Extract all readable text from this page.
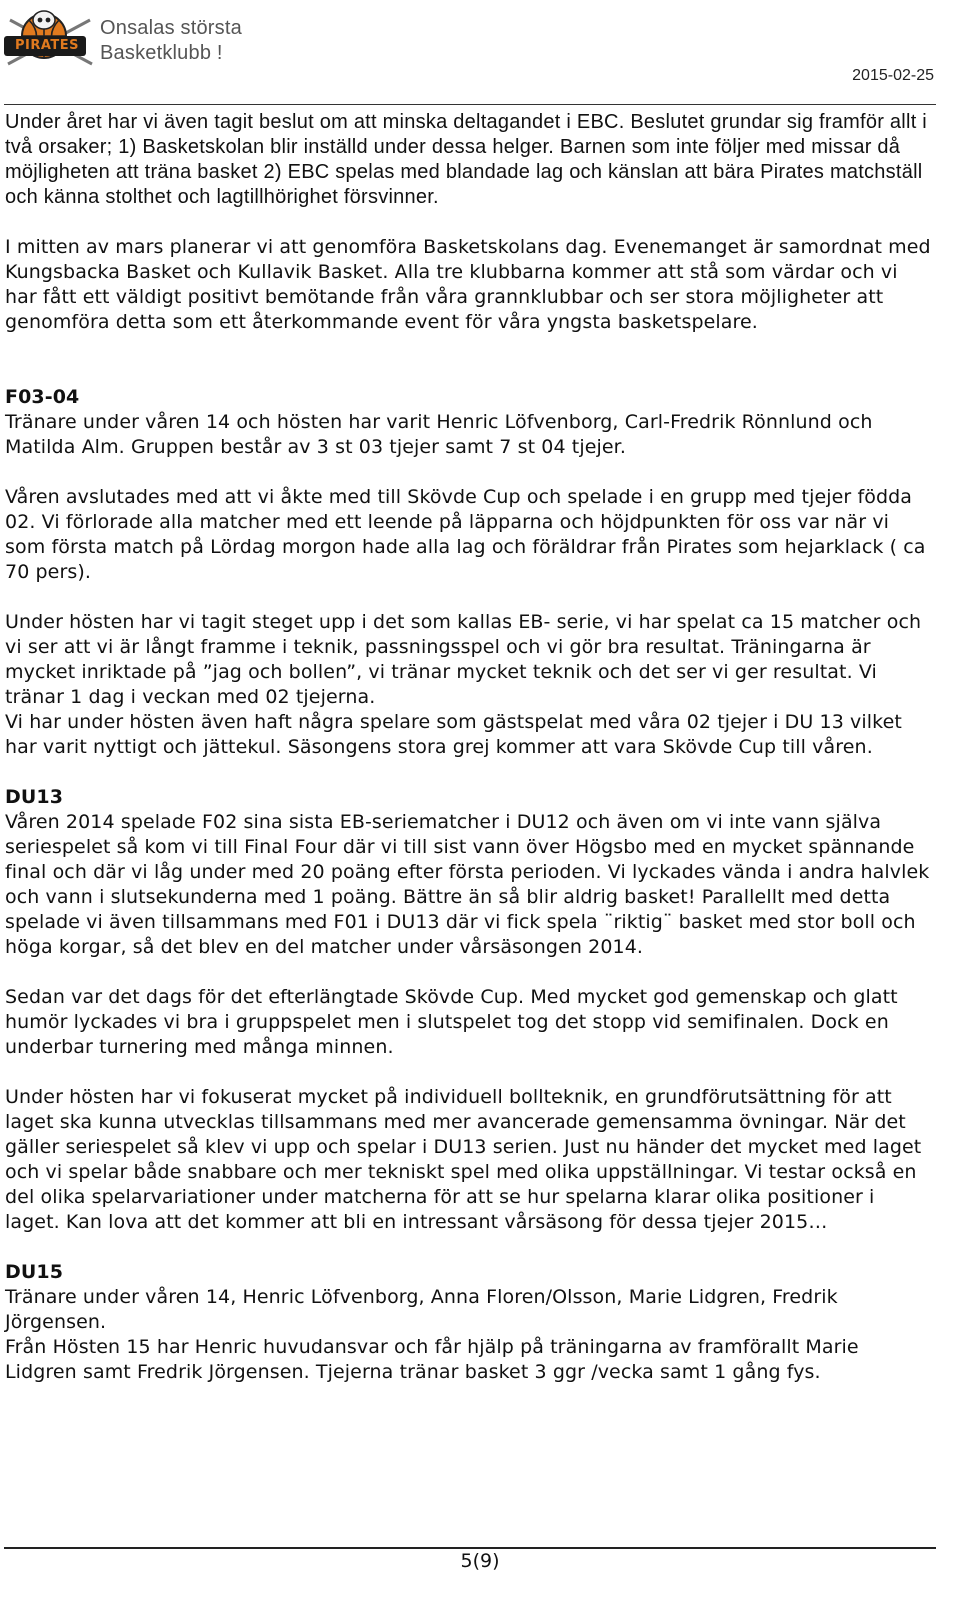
PIRATES
Onsalas största
Basketklubb !
2015-02-25

Under året har vi även tagit beslut om att minska deltagandet i EBC. Beslutet grundar sig framför allt i två orsaker; 1) Basketskolan blir inställd under dessa helger. Barnen som inte följer med missar då möjligheten att träna basket 2) EBC spelas med blandade lag och känslan att bära Pirates matchställ och känna stolthet och lagtillhörighet försvinner.

I mitten av mars planerar vi att genomföra Basketskolans dag. Evenemanget är samordnat med Kungsbacka Basket och Kullavik Basket. Alla tre klubbarna kommer att stå som värdar och vi har fått ett väldigt positivt bemötande från våra grannklubbar och ser stora möjligheter att genomföra detta som ett återkommande event för våra yngsta basketspelare.

F03-04

Tränare under våren 14 och hösten har varit Henric Löfvenborg, Carl-Fredrik Rönnlund och Matilda Alm. Gruppen består av 3 st 03 tjejer samt 7 st 04 tjejer.

Våren avslutades med att vi åkte med till Skövde Cup och spelade i en grupp med tjejer födda 02. Vi förlorade alla matcher med ett leende på läpparna och höjdpunkten för oss var när vi som första match på Lördag morgon hade alla lag och föräldrar från Pirates som hejarklack ( ca 70 pers).

Under hösten har vi tagit steget upp i det som kallas EB- serie, vi har spelat ca 15 matcher och vi ser att vi är långt framme i teknik, passningsspel och vi gör bra resultat. Träningarna är mycket inriktade på ”jag och bollen”, vi tränar mycket teknik och det ser vi ger resultat. Vi tränar 1 dag i veckan med 02 tjejerna.

Vi har under hösten även haft några spelare som gästspelat med våra 02 tjejer i DU 13 vilket har varit nyttigt och jättekul. Säsongens stora grej kommer att vara Skövde Cup till våren.

DU13

Våren 2014 spelade F02 sina sista EB-seriematcher i DU12 och även om vi inte vann själva seriespelet så kom vi till Final Four där vi till sist vann över Högsbo med en mycket spännande final och där vi låg under med 20 poäng efter första perioden. Vi lyckades vända i andra halvlek och vann i slutsekunderna med 1 poäng. Bättre än så blir aldrig basket! Parallellt med detta spelade vi även tillsammans med F01 i DU13 där vi fick spela ¨riktig¨ basket med stor boll och höga korgar, så det blev en del matcher under vårsäsongen 2014.

Sedan var det dags för det efterlängtade Skövde Cup. Med mycket god gemenskap och glatt humör lyckades vi bra i gruppspelet men i slutspelet tog det stopp vid semifinalen. Dock en underbar turnering med många minnen.

Under hösten har vi fokuserat mycket på individuell bollteknik, en grundförutsättning för att laget ska kunna utvecklas tillsammans med mer avancerade gemensamma övningar. När det gäller seriespelet så klev vi upp och spelar i DU13 serien. Just nu händer det mycket med laget och vi spelar både snabbare och mer tekniskt spel med olika uppställningar. Vi testar också en del olika spelarvariationer under matcherna för att se hur spelarna klarar olika positioner i laget. Kan lova att det kommer att bli en intressant vårsäsong för dessa tjejer 2015…

DU15

Tränare under våren 14, Henric Löfvenborg, Anna Floren/Olsson, Marie Lidgren, Fredrik Jörgensen.

Från Hösten 15 har Henric huvudansvar och får hjälp på träningarna av framförallt Marie Lidgren samt Fredrik Jörgensen. Tjejerna tränar basket 3 ggr /vecka samt 1 gång fys.

5(9)
